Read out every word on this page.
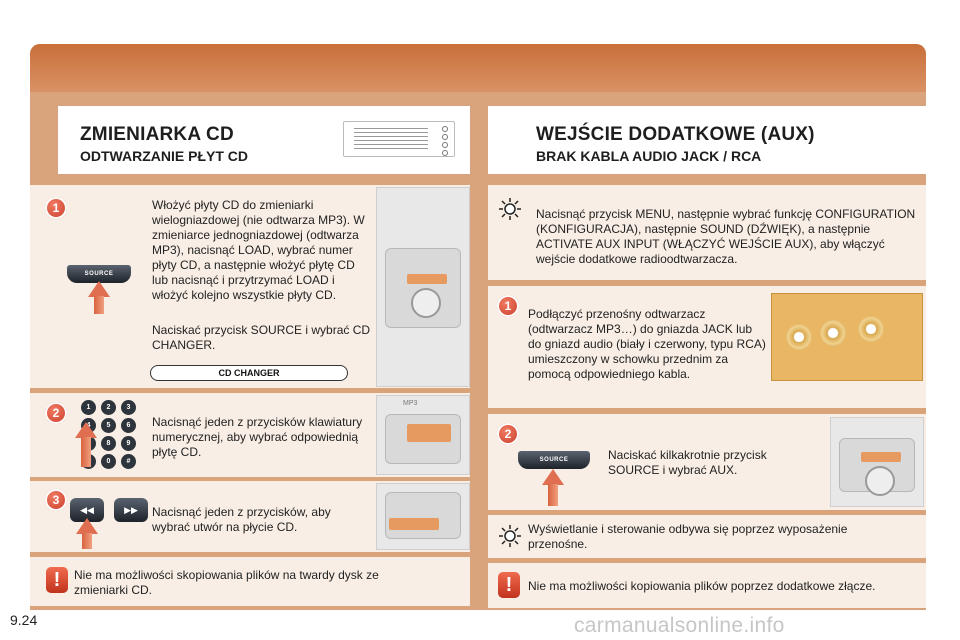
ZMIENIARKA CD
ODTWARZANIE PŁYT CD
1	Włożyć płyty CD do zmieniarki wielogniazdowej (nie odtwarza MP3). W zmieniarce jednogniazdowej (odtwarza MP3), nacisnąć LOAD, wybrać numer płyty CD, a następnie włożyć płytę CD lub nacisnąć i przytrzymać LOAD i włożyć kolejno wszystkie płyty CD.
Naciskać przycisk SOURCE i wybrać CD CHANGER.
SOURCE
CD CHANGER
2
Nacisnąć jeden z przycisków klawiatury numerycznej, aby wybrać odpowiednią płytę CD.
MP3
1	2	3
4	5	6
8	9
0	#
3
◀◀	▶▶	Nacisnąć jeden z przycisków, aby wybrać utwór na płycie CD.
!	Nie ma możliwości skopiowania plików na twardy dysk ze zmieniarki CD.
WEJŚCIE DODATKOWE (AUX)
BRAK KABLA AUDIO JACK / RCA
Nacisnąć przycisk MENU, następnie wybrać funkcję CONFIGURATION (KONFIGURACJA), następnie SOUND (DŹWIĘK), a następnie ACTIVATE AUX INPUT (WŁĄCZYĆ WEJŚCIE AUX), aby włączyć wejście dodatkowe radioodtwarzacza.
1
Podłączyć przenośny odtwarzacz (odtwarzacz MP3…) do gniazda JACK lub do gniazd audio (biały i czerwony, typu RCA) umieszczony w schowku przednim za pomocą odpowiedniego kabla.
2
SOURCE	Naciskać kilkakrotnie przycisk SOURCE i wybrać AUX.
Wyświetlanie i sterowanie odbywa się poprzez wyposażenie przenośne.
!	Nie ma możliwości kopiowania plików poprzez dodatkowe złącze.
9.24	carmanualsonline.info
